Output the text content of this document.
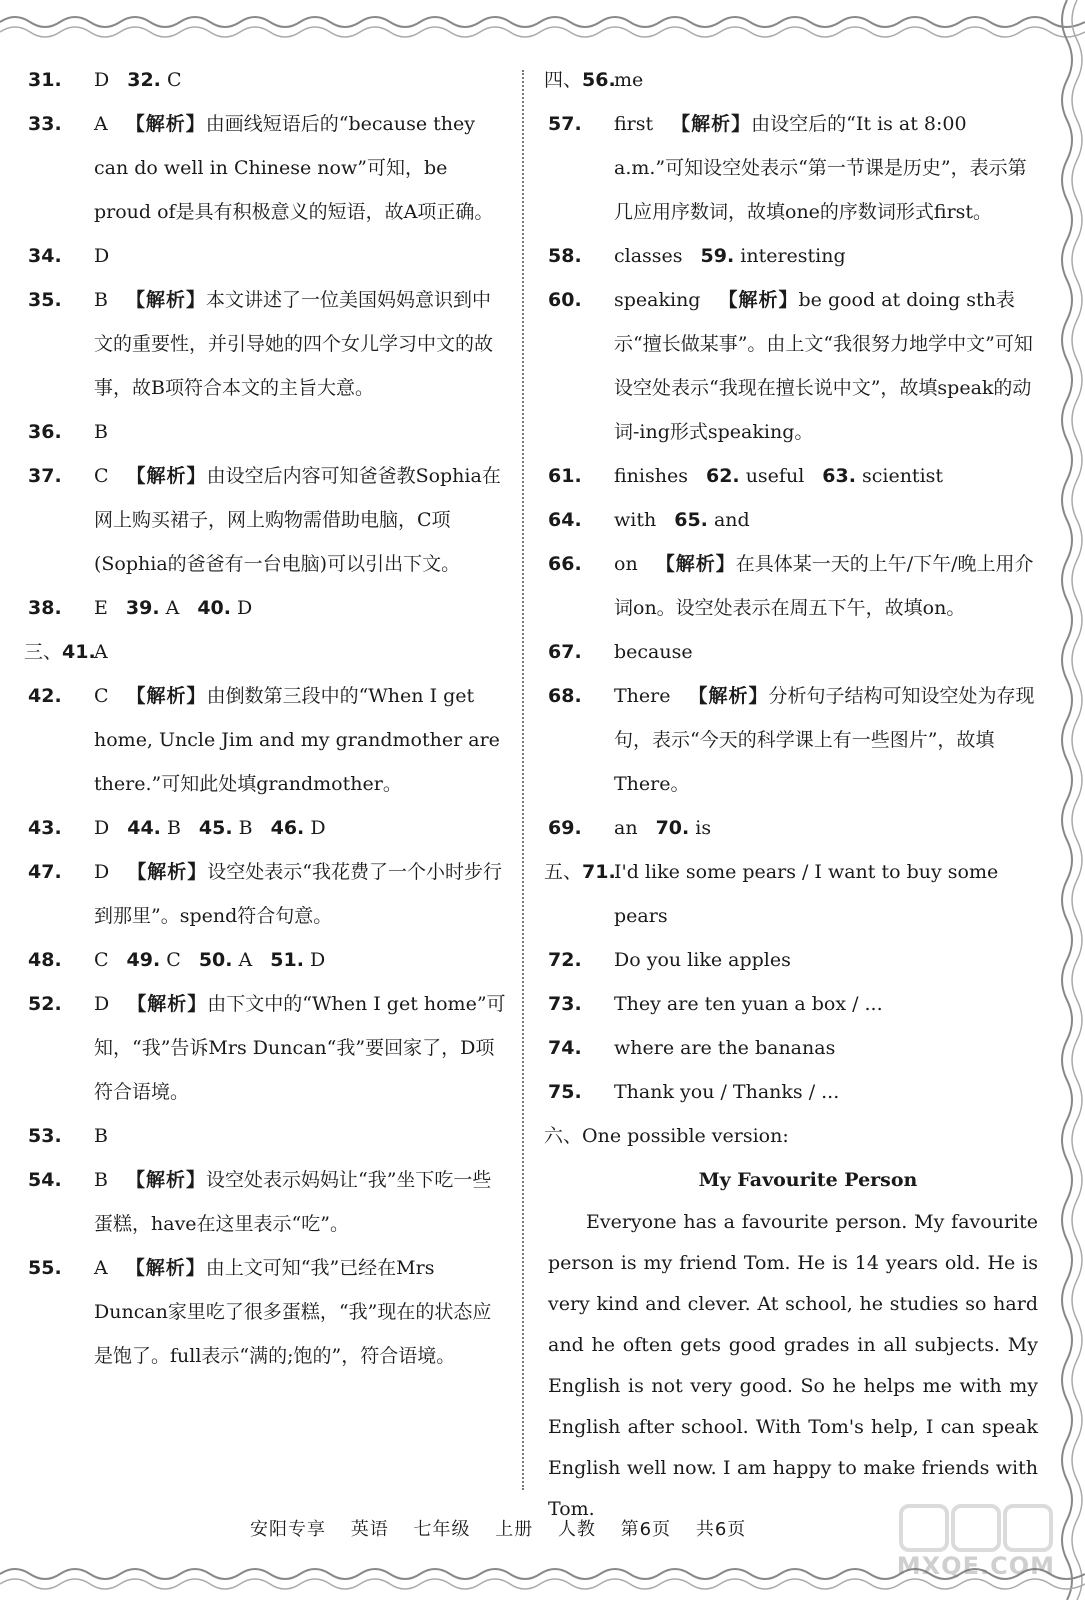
31. D 32. C
33. A 【解析】由画线短语后的“because they can do well in Chinese now”可知，be proud of是具有积极意义的短语，故A项正确。
34. D
35. B 【解析】本文讲述了一位美国妈妈意识到中文的重要性，并引导她的四个女儿学习中文的故事，故B项符合本文的主旨大意。
36. B
37. C 【解析】由设空后内容可知爸爸教Sophia在网上购买裙子，网上购物需借助电脑，C项(Sophia的爸爸有一台电脑)可以引出下文。
38. E 39. A 40. D
三、41.
A
42. C 【解析】由倒数第三段中的“When I get home, Uncle Jim and my grandmother are there.”可知此处填grandmother。
43. D 44. B 45. B 46. D
47. D 【解析】设空处表示“我花费了一个小时步行到那里”。spend符合句意。
48. C 49. C 50. A 51. D
52. D 【解析】由下文中的“When I get home”可知，“我”告诉Mrs Duncan“我”要回家了，D项符合语境。
53. B
54. B 【解析】设空处表示妈妈让“我”坐下吃一些蛋糕，have在这里表示“吃”。
55. A 【解析】由上文可知“我”已经在Mrs Duncan家里吃了很多蛋糕，“我”现在的状态应是饱了。full表示“满的;饱的”，符合语境。
四、56.
me
57. first 【解析】由设空后的“It is at 8:00 a.m.”可知设空处表示“第一节课是历史”，表示第几应用序数词，故填one的序数词形式first。
58. classes 59. interesting
60. speaking 【解析】be good at doing sth表示“擅长做某事”。由上文“我很努力地学中文”可知设空处表示“我现在擅长说中文”，故填speak的动词-ing形式speaking。
61. finishes 62. useful 63. scientist
64. with 65. and
66. on 【解析】在具体某一天的上午/下午/晚上用介词on。设空处表示在周五下午，故填on。
67. because
68. There 【解析】分析句子结构可知设空处为存现句，表示“今天的科学课上有一些图片”，故填There。
69. an 70. is
五、71.
I'd like some pears / I want to buy some pears
72. Do you like apples
73. They are ten yuan a box / ...
74. where are the bananas
75. Thank you / Thanks / ...
六、 One possible version:
My Favourite Person
Everyone has a favourite person. My favourite person is my friend Tom. He is 14 years old. He is very kind and clever. At school, he studies so hard and he often gets good grades in all subjects. My English is not very good. So he helps me with my English after school. With Tom's help, I can speak English well now. I am happy to make friends with Tom.
安阳专享 英语 七年级 上册 人教 第6页 共6页
MXQE.COM
